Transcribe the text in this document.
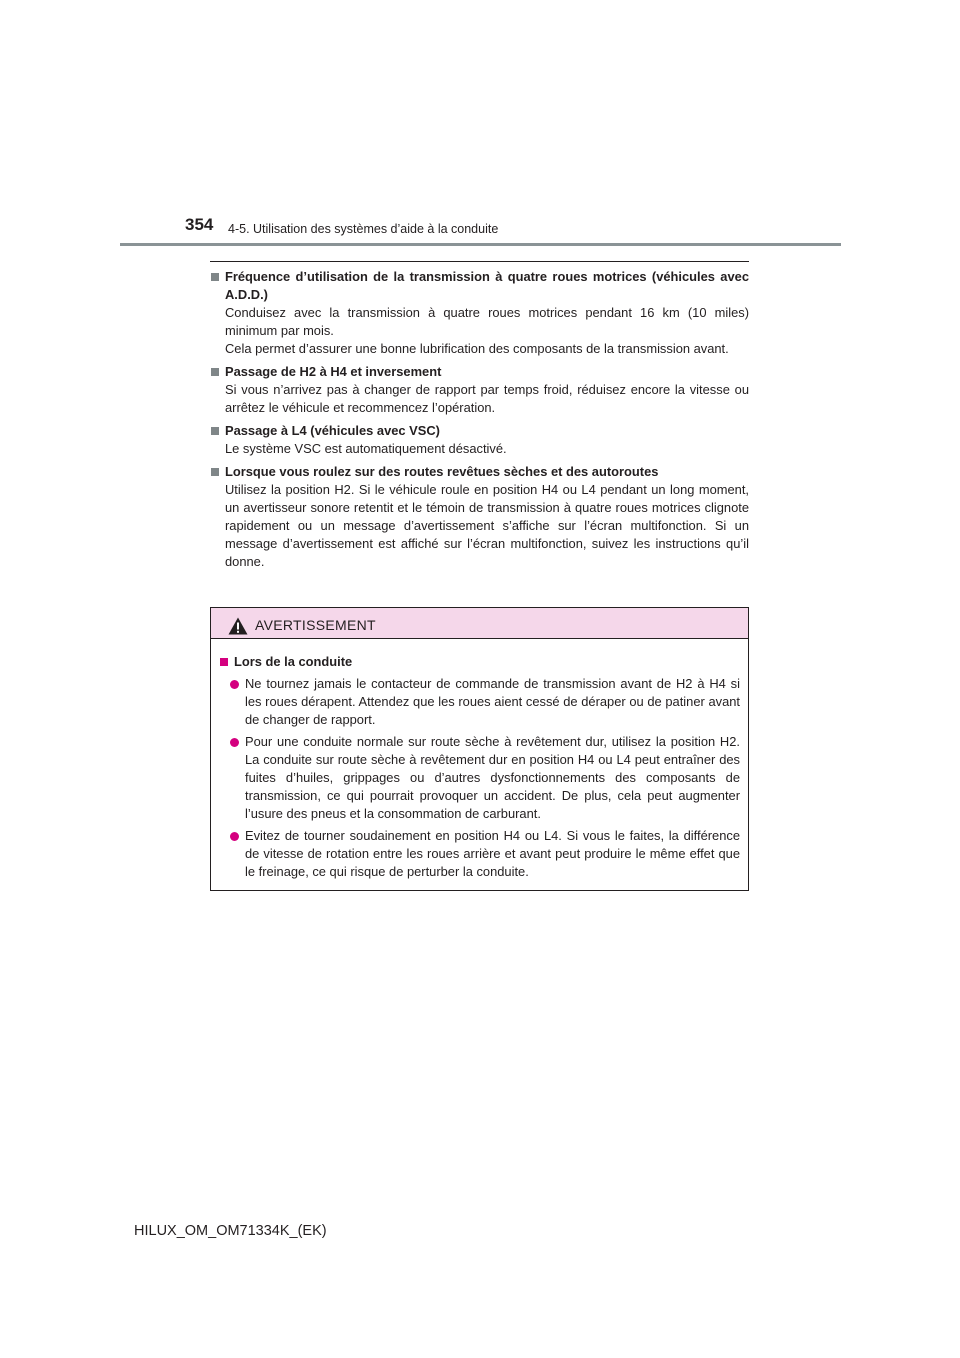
354 4-5. Utilisation des systèmes d’aide à la conduite
Fréquence d’utilisation de la transmission à quatre roues motrices (véhicules avec A.D.D.)

Conduisez avec la transmission à quatre roues motrices pendant 16 km (10 miles) minimum par mois.

Cela permet d’assurer une bonne lubrification des composants de la transmission avant.

Passage de H2 à H4 et inversement

Si vous n’arrivez pas à changer de rapport par temps froid, réduisez encore la vitesse ou arrêtez le véhicule et recommencez l’opération.

Passage à L4 (véhicules avec VSC)

Le système VSC est automatiquement désactivé.

Lorsque vous roulez sur des routes revêtues sèches et des autoroutes

Utilisez la position H2. Si le véhicule roule en position H4 ou L4 pendant un long moment, un avertisseur sonore retentit et le témoin de transmission à quatre roues motrices clignote rapidement ou un message d’avertissement s’affiche sur l’écran multifonction. Si un message d’avertissement est affiché sur l’écran multifonction, suivez les instructions qu’il donne.

AVERTISSEMENT
Lors de la conduite
Ne tournez jamais le contacteur de commande de transmission avant de H2 à H4 si les roues dérapent. Attendez que les roues aient cessé de déraper ou de patiner avant de changer de rapport.
Pour une conduite normale sur route sèche à revêtement dur, utilisez la position H2. La conduite sur route sèche à revêtement dur en position H4 ou L4 peut entraîner des fuites d’huiles, grippages ou d’autres dysfonctionnements des composants de transmission, ce qui pourrait provoquer un accident. De plus, cela peut augmenter l’usure des pneus et la consommation de carburant.
Evitez de tourner soudainement en position H4 ou L4. Si vous le faites, la différence de vitesse de rotation entre les roues arrière et avant peut produire le même effet que le freinage, ce qui risque de perturber la conduite.
HILUX_OM_OM71334K_(EK)
